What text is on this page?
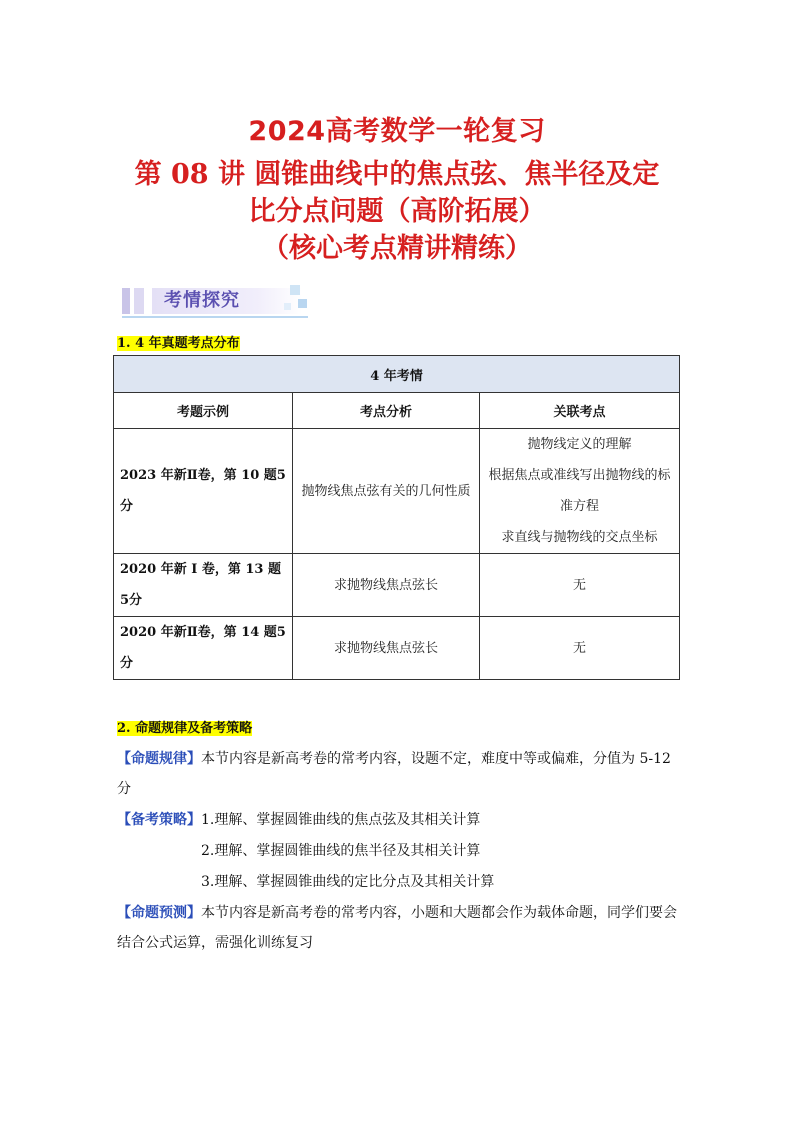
2024高考数学一轮复习
第 08 讲 圆锥曲线中的焦点弦、焦半径及定
比分点问题（高阶拓展）
（核心考点精讲精练）
考情探究
1. 4 年真题考点分布
4 年考情		
考题示例	考点分析	关联考点
2023 年新Ⅱ卷，第 10 题5分	抛物线焦点弦有关的几何性质	抛物线定义的理解
根据焦点或准线写出抛物线的标准方程
求直线与抛物线的交点坐标

2020 年新 I 卷，第 13 题5分	求抛物线焦点弦长	无
2020 年新Ⅱ卷，第 14 题5分	求抛物线焦点弦长	无
2. 命题规律及备考策略
【命题规律】本节内容是新高考卷的常考内容，设题不定，难度中等或偏难，分值为 5-12 分
【备考策略】1.理解、掌握圆锥曲线的焦点弦及其相关计算
2.理解、掌握圆锥曲线的焦半径及其相关计算
3.理解、掌握圆锥曲线的定比分点及其相关计算
【命题预测】本节内容是新高考卷的常考内容，小题和大题都会作为载体命题，同学们要会结合公式运算，需强化训练复习
